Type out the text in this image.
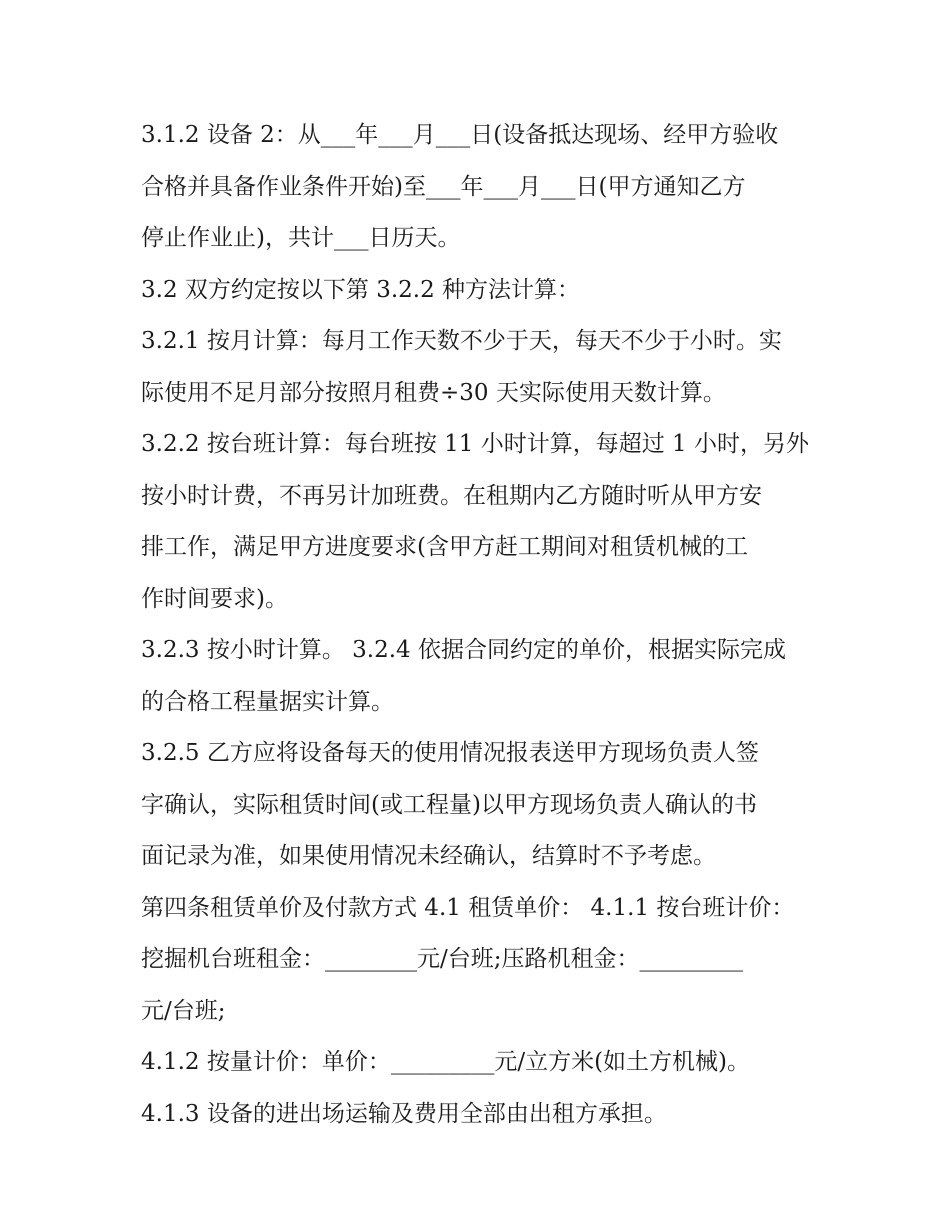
3.1.2 设备 2：从___年___月___日(设备抵达现场、经甲方验收
合格并具备作业条件开始)至___年___月___日(甲方通知乙方
停止作业止)，共计___日历天。
3.2 双方约定按以下第 3.2.2 种方法计算：
3.2.1 按月计算：每月工作天数不少于天，每天不少于小时。实
际使用不足月部分按照月租费÷30 天实际使用天数计算。
3.2.2 按台班计算：每台班按 11 小时计算，每超过 1 小时，另外
按小时计费，不再另计加班费。在租期内乙方随时听从甲方安
排工作，满足甲方进度要求(含甲方赶工期间对租赁机械的工
作时间要求)。
3.2.3 按小时计算。 3.2.4 依据合同约定的单价，根据实际完成
的合格工程量据实计算。
3.2.5 乙方应将设备每天的使用情况报表送甲方现场负责人签
字确认，实际租赁时间(或工程量)以甲方现场负责人确认的书
面记录为准，如果使用情况未经确认，结算时不予考虑。
第四条租赁单价及付款方式 4.1 租赁单价： 4.1.1 按台班计价：
挖掘机台班租金：________元/台班;压路机租金：_________
元/台班;
4.1.2 按量计价：单价：_________元/立方米(如土方机械)。
4.1.3 设备的进出场运输及费用全部由出租方承担。
